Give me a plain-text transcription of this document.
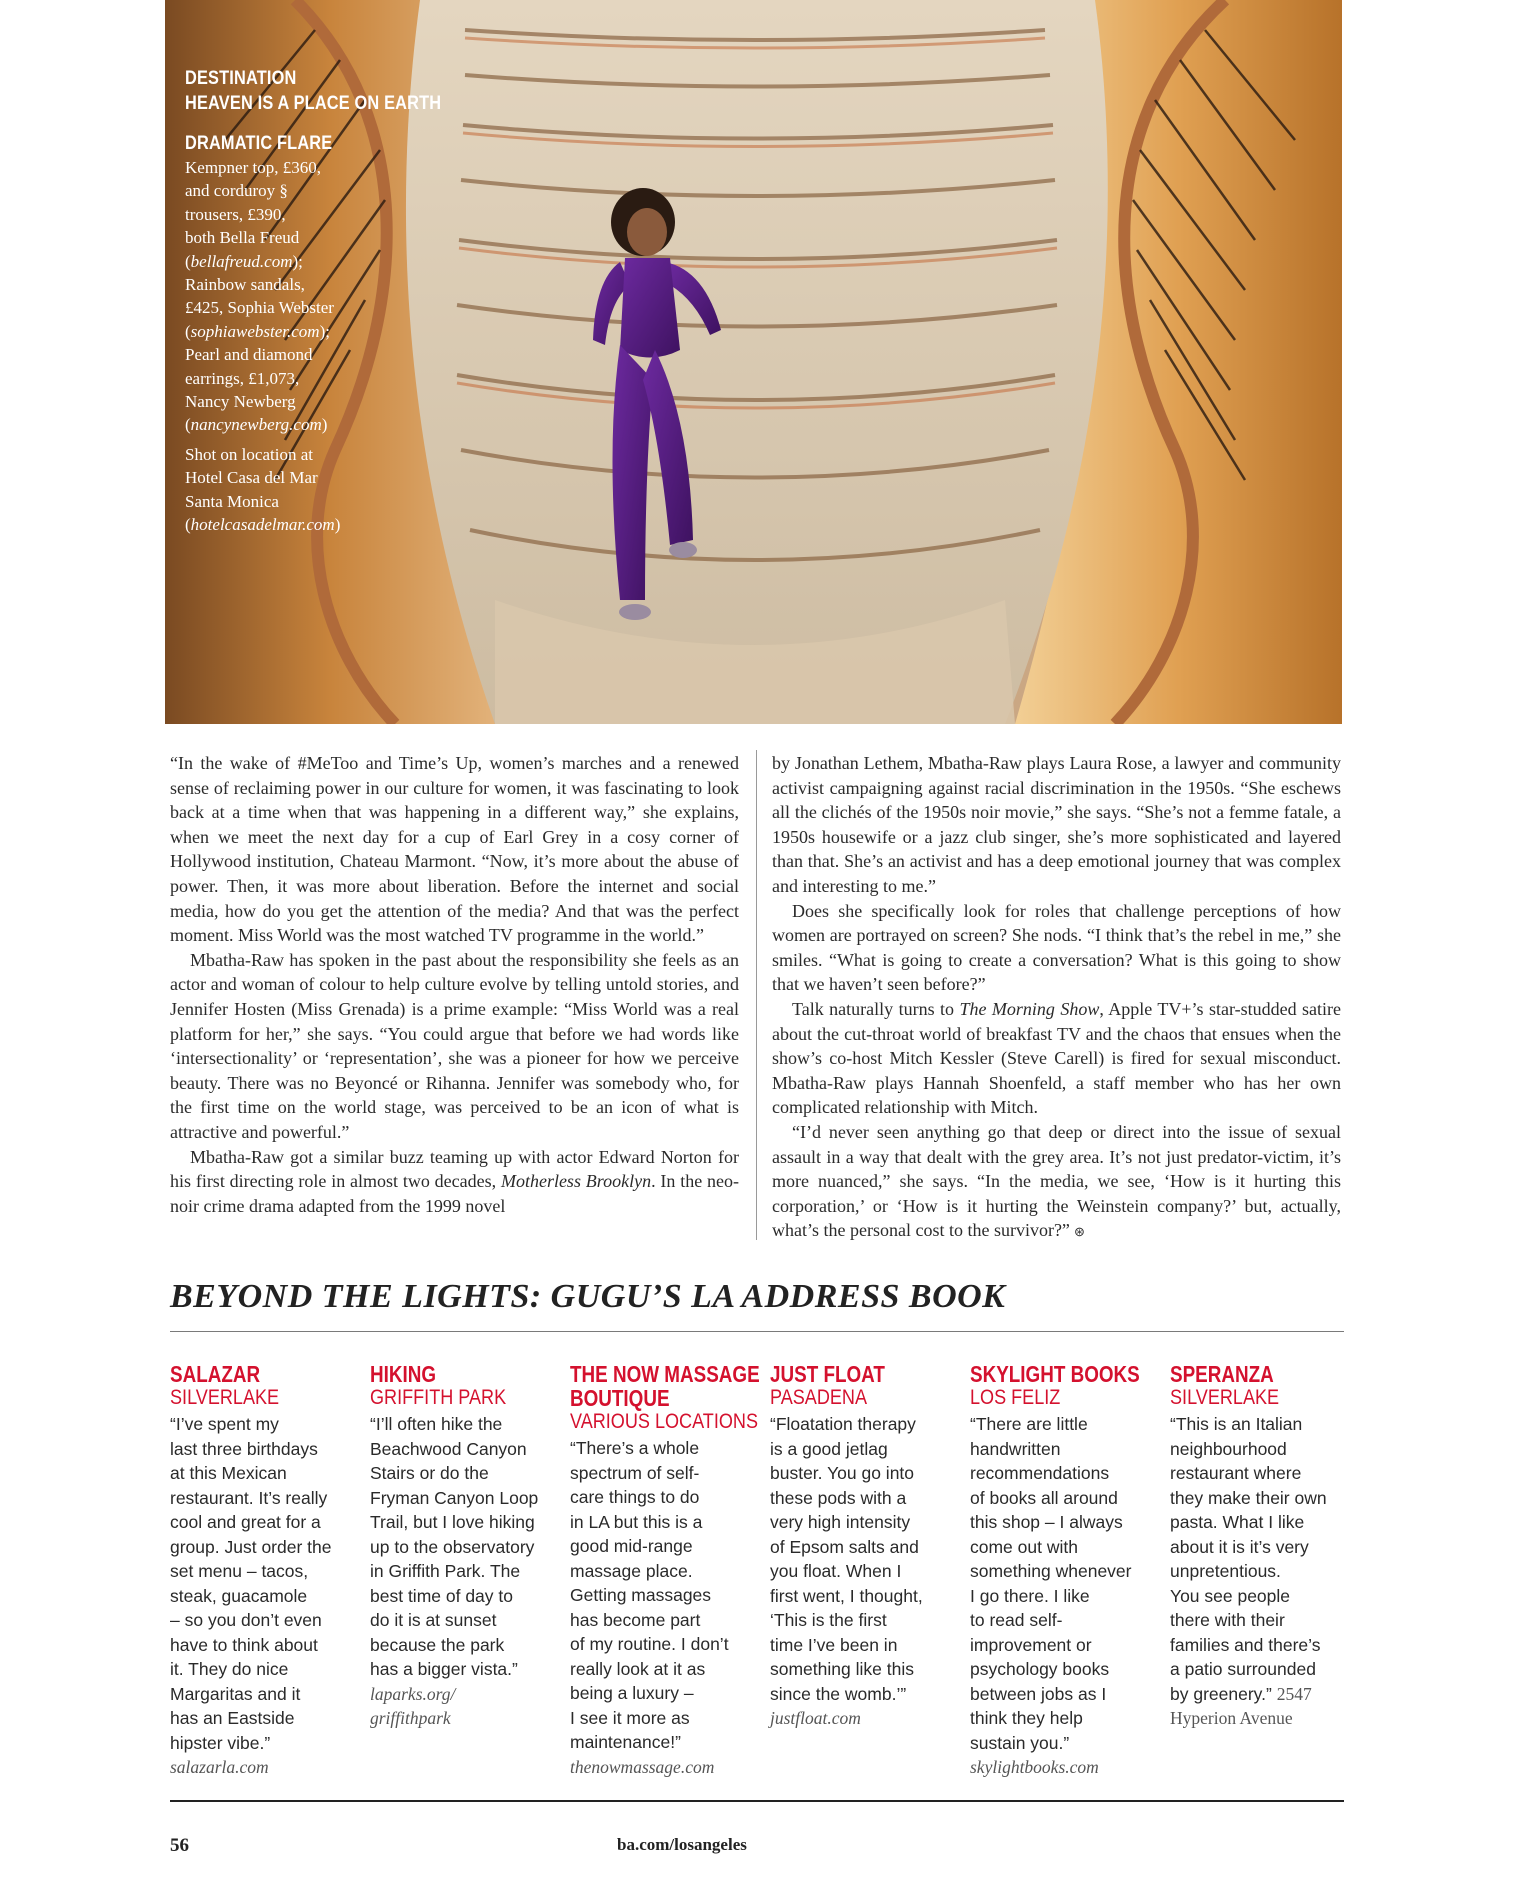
DESTINATION
HEAVEN IS A PLACE ON EARTH
DRAMATIC FLARE
Kempner top, £360,
and corduroy §
trousers, £390,
both Bella Freud
(bellafreud.com);
Rainbow sandals,
£425, Sophia Webster
(sophiawebster.com);
Pearl and diamond
earrings, £1,073,
Nancy Newberg
(nancynewberg.com)
Shot on location at
Hotel Casa del Mar
Santa Monica
(hotelcasadelmar.com)

“In the wake of #MeToo and Time’s Up, women’s marches and a renewed sense of reclaiming power in our culture for women, it was fascinating to look back at a time when that was happening in a different way,” she explains, when we meet the next day for a cup of Earl Grey in a cosy corner of Hollywood institution, Chateau Marmont. “Now, it’s more about the abuse of power. Then, it was more about liberation. Before the internet and social media, how do you get the attention of the media? And that was the perfect moment. Miss World was the most watched TV programme in the world.”

Mbatha-Raw has spoken in the past about the responsibility she feels as an actor and woman of colour to help culture evolve by telling untold stories, and Jennifer Hosten (Miss Grenada) is a prime example: “Miss World was a real platform for her,” she says. “You could argue that before we had words like ‘intersectionality’ or ‘representation’, she was a pioneer for how we perceive beauty. There was no Beyoncé or Rihanna. Jennifer was somebody who, for the first time on the world stage, was perceived to be an icon of what is attractive and powerful.”

Mbatha-Raw got a similar buzz teaming up with actor Edward Norton for his first directing role in almost two decades, Motherless Brooklyn. In the neo-noir crime drama adapted from the 1999 novel

by Jonathan Lethem, Mbatha-Raw plays Laura Rose, a lawyer and community activist campaigning against racial discrimination in the 1950s. “She eschews all the clichés of the 1950s noir movie,” she says. “She’s not a femme fatale, a 1950s housewife or a jazz club singer, she’s more sophisticated and layered than that. She’s an activist and has a deep emotional journey that was complex and interesting to me.”

Does she specifically look for roles that challenge perceptions of how women are portrayed on screen? She nods. “I think that’s the rebel in me,” she smiles. “What is going to create a conversation? What is this going to show that we haven’t seen before?”

Talk naturally turns to The Morning Show, Apple TV+’s star-studded satire about the cut-throat world of breakfast TV and the chaos that ensues when the show’s co-host Mitch Kessler (Steve Carell) is fired for sexual misconduct. Mbatha-Raw plays Hannah Shoenfeld, a staff member who has her own complicated relationship with Mitch.

“I’d never seen anything go that deep or direct into the issue of sexual assault in a way that dealt with the grey area. It’s not just predator-victim, it’s more nuanced,” she says. “In the media, we see, ‘How is it hurting this corporation,’ or ‘How is it hurting the Weinstein company?’ but, actually, what’s the personal cost to the survivor?” ⊛

BEYOND THE LIGHTS: GUGU’S LA ADDRESS BOOK
SALAZAR
SILVERLAKE
“I’ve spent my
last three birthdays
at this Mexican
restaurant. It’s really
cool and great for a
group. Just order the
set menu – tacos,
steak, guacamole
– so you don’t even
have to think about
it. They do nice
Margaritas and it
has an Eastside
hipster vibe.”
salazarla.com
HIKING
GRIFFITH PARK
“I’ll often hike the
Beachwood Canyon
Stairs or do the
Fryman Canyon Loop
Trail, but I love hiking
up to the observatory
in Griffith Park. The
best time of day to
do it is at sunset
because the park
has a bigger vista.”
laparks.org/
griffithpark
THE NOW MASSAGE
BOUTIQUE
VARIOUS LOCATIONS
“There’s a whole
spectrum of self-
care things to do
in LA but this is a
good mid-range
massage place.
Getting massages
has become part
of my routine. I don’t
really look at it as
being a luxury –
I see it more as
maintenance!”
thenowmassage.com
JUST FLOAT
PASADENA
“Floatation therapy
is a good jetlag
buster. You go into
these pods with a
very high intensity
of Epsom salts and
you float. When I
first went, I thought,
‘This is the first
time I’ve been in
something like this
since the womb.’”
justfloat.com
SKYLIGHT BOOKS
LOS FELIZ
“There are little
handwritten
recommendations
of books all around
this shop – I always
come out with
something whenever
I go there. I like
to read self-
improvement or
psychology books
between jobs as I
think they help
sustain you.”
skylightbooks.com
SPERANZA
SILVERLAKE
“This is an Italian
neighbourhood
restaurant where
they make their own
pasta. What I like
about it is it’s very
unpretentious.
You see people
there with their
families and there’s
a patio surrounded
by greenery.” 2547
Hyperion Avenue
56	ba.com/losangeles
